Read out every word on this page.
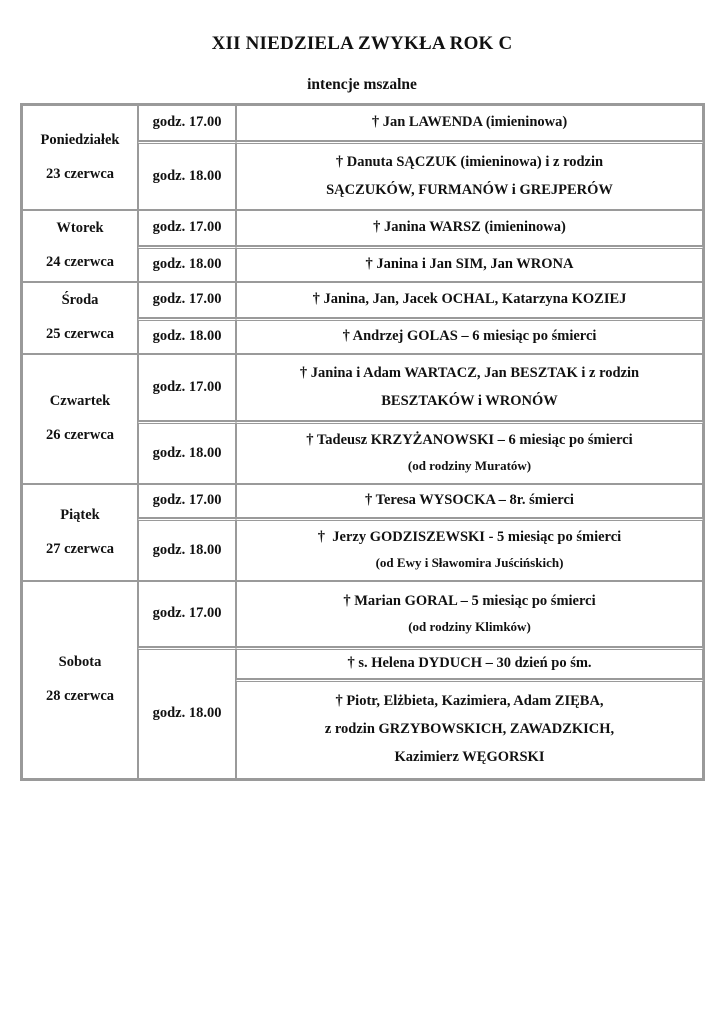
XII NIEDZIELA ZWYKŁA ROK C
intencje mszalne
Poniedziałek
23 czerwca	godz. 17.00	† Jan LAWENDA (imieninowa)

	godz. 18.00	† Danuta SĄCZUK (imieninowa) i z rodzin
SĄCZUKÓW, FURMANÓW i GREJPERÓW

Wtorek
24 czerwca	godz. 17.00	† Janina WARSZ (imieninowa)

	godz. 18.00	† Janina i Jan SIM, Jan WRONA

Środa
25 czerwca	godz. 17.00	† Janina, Jan, Jacek OCHAL, Katarzyna KOZIEJ

	godz. 18.00	† Andrzej GOLAS – 6 miesiąc po śmierci

Czwartek
26 czerwca	godz. 17.00	† Janina i Adam WARTACZ, Jan BESZTAK i z rodzin
BESZTAKÓW i WRONÓW

	godz. 18.00	† Tadeusz KRZYŻANOWSKI – 6 miesiąc po śmierci
(od rodziny Muratów)

Piątek
27 czerwca	godz. 17.00	† Teresa WYSOCKA – 8r. śmierci

	godz. 18.00	†  Jerzy GODZISZEWSKI - 5 miesiąc po śmierci
(od Ewy i Sławomira Juścińskich)

Sobota
28 czerwca	godz. 17.00	† Marian GORAL – 5 miesiąc po śmierci
(od rodziny Klimków)

	godz. 18.00	† s. Helena DYDUCH – 30 dzień po śm.

		† Piotr, Elżbieta, Kazimiera, Adam ZIĘBA,
z rodzin GRZYBOWSKICH, ZAWADZKICH,
Kazimierz WĘGORSKI
